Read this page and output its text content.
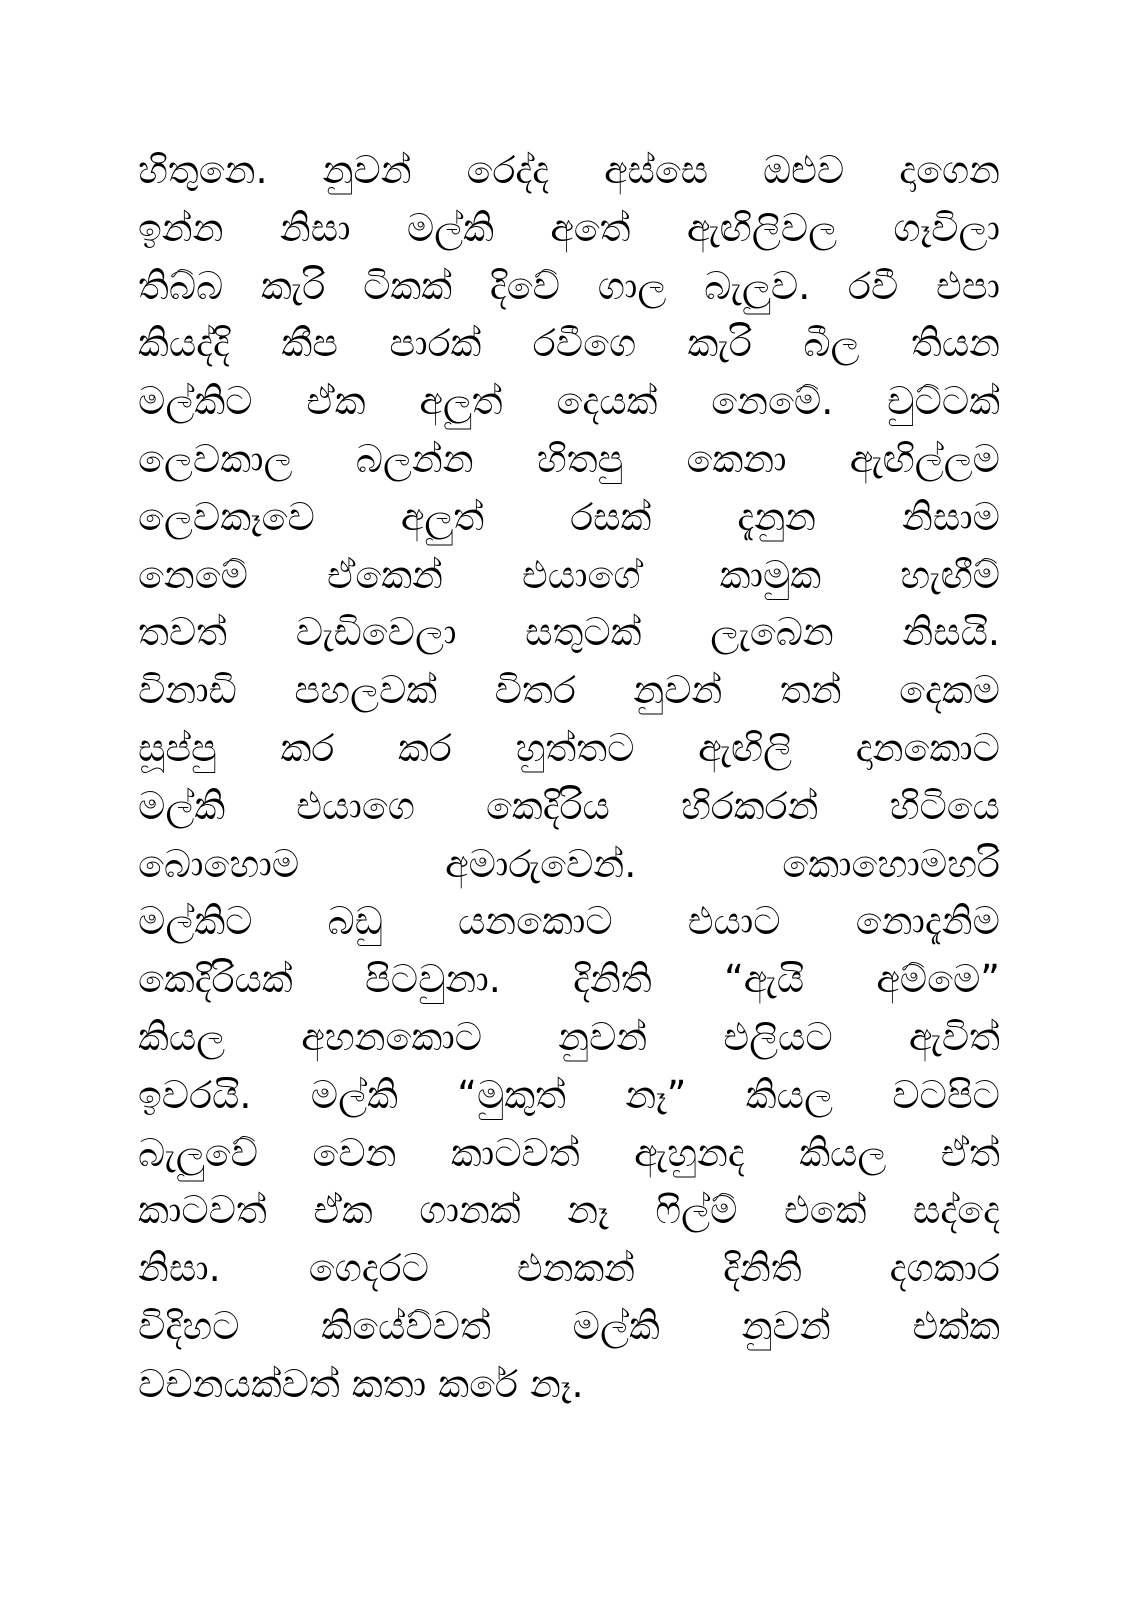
හිතුනෙ. නුවන් රෙද්ද අස්සෙ ඔළුව දාගෙන
ඉන්න නිසා මල්කි අතේ ඇඟිලිවල ගෑවිලා
තිබ්බ කැරි ටිකක් දිවේ ගාල බැලුව. රවී එපා
කියද්දි කීප පාරක් රවීගෙ කැරි බීල තියන
මල්කිට ඒක අලුත් දෙයක් නෙමේ. චුට්ටක්
ලෙවකාල බලන්න හිතපු කෙනා ඇඟිල්ලම
ලෙවකෑවෙ අලුත් රසක් දැනුන නිසාම
නෙමේ ඒකෙන් එයාගේ කාමුක හැඟීම්
තවත් වැඩිවෙලා සතුටක් ලැබෙන නිසයි.
විනාඩි පහලවක් විතර නුවන් තන් දෙකම
සූප්පු කර කර හුත්තට ඇඟිලි දානකොට
මල්කි එයාගෙ කෙදිරිය හිරකරන් හිටියෙ
බොහොම අමාරුවෙන්. කොහොමහරි
මල්කිට බඩු යනකොට එයාට නොදැනිම
කෙදිරියක් පිටවුනා. දිනිති “ඇයි අම්මෙ”
කියල අහනකොට නුවන් එලියට ඇවිත්
ඉවරයි. මල්කි “මුකුත් නෑ” කියල වටපිට
බැලුවේ වෙන කාටවත් ඇහුනද කියල ඒත්
කාටවත් ඒක ගානක් නෑ ෆිල්ම් එකේ සද්දෙ
නිසා. ගෙදරට එනකන් දිනිති දගකාර
විදිහට කියේව්වත් මල්කි නුවන් එක්ක
වචනයක්වත් කතා කරේ නෑ.
